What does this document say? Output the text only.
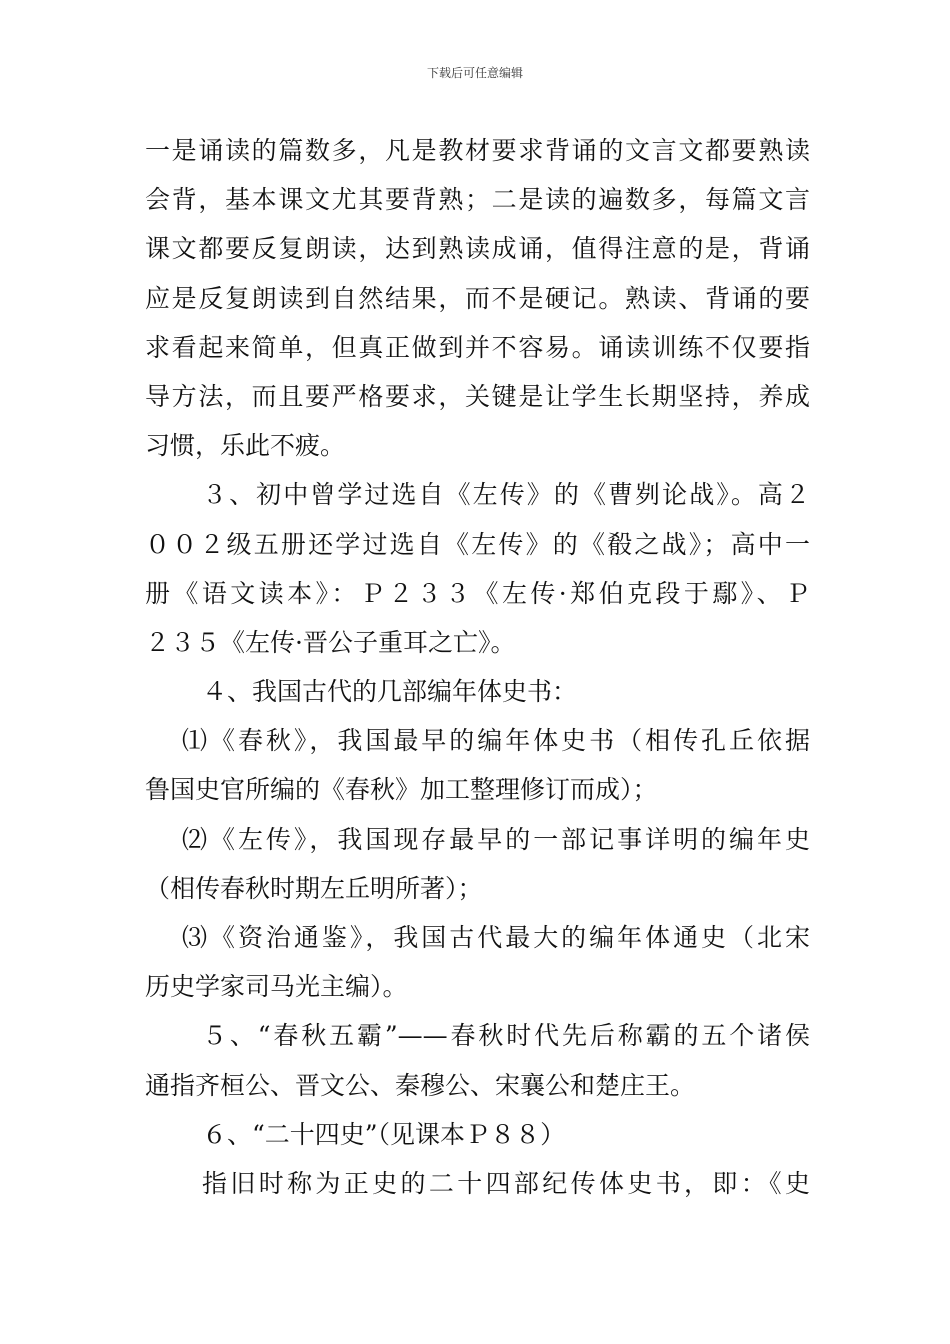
下载后可任意编辑
一是诵读的篇数多，凡是教材要求背诵的文言文都要熟读
会背，基本课文尤其要背熟；二是读的遍数多，每篇文言
课文都要反复朗读，达到熟读成诵，值得注意的是，背诵
应是反复朗读到自然结果，而不是硬记。熟读、背诵的要
求看起来简单，但真正做到并不容易。诵读训练不仅要指
导方法，而且要严格要求，关键是让学生长期坚持，养成
习惯，乐此不疲。
３、初中曾学过选自《左传》的《曹刿论战》。高２
００２级五册还学过选自《左传》的《殽之战》；高中一
册《语文读本》：Ｐ２３３《左传·郑伯克段于鄢》、Ｐ
２３５《左传·晋公子重耳之亡》。
４、我国古代的几部编年体史书：
⑴《春秋》，我国最早的编年体史书（相传孔丘依据
鲁国史官所编的《春秋》加工整理修订而成）；
⑵《左传》，我国现存最早的一部记事详明的编年史
（相传春秋时期左丘明所著）；
⑶《资治通鉴》，我国古代最大的编年体通史（北宋
历史学家司马光主编）。
５、“春秋五霸”——春秋时代先后称霸的五个诸侯
通指齐桓公、晋文公、秦穆公、宋襄公和楚庄王。
６、“二十四史”（见课本Ｐ８８）
指旧时称为正史的二十四部纪传体史书，即：《史
